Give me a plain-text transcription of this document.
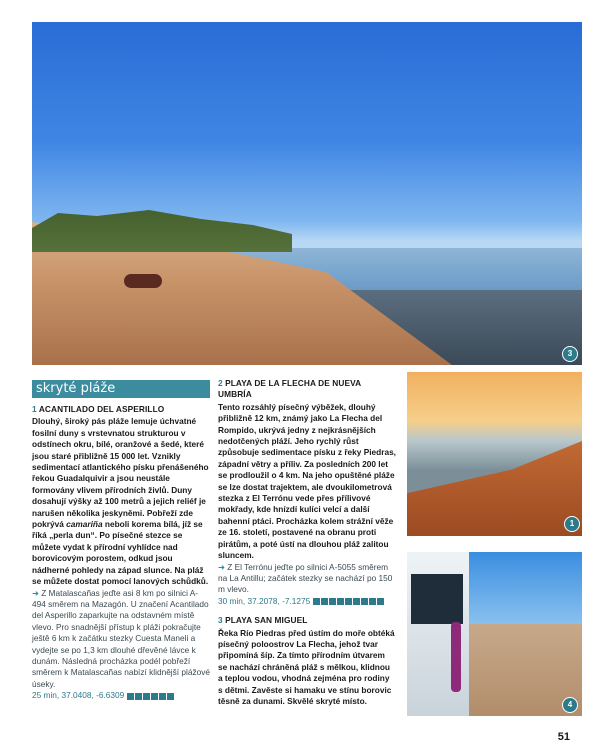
3
skryté pláže
1 ACANTILADO DEL ASPERILLO

Dlouhý, široký pás pláže lemuje úchvatné fosilní duny s vrstevnatou strukturou v odstínech okru, bílé, oranžové a šedé, které jsou staré přibližně 15 000 let. Vznikly sedimentací atlantického písku přenášeného řekou Guadalquivir a jsou neustále formovány vlivem přírodních živlů. Duny dosahují výšky až 100 metrů a jejich reliéf je narušen několika jeskyněmi. Pobřeží zde pokrývá camariña neboli korema bílá, jíž se říká „perla dun“. Po písečné stezce se můžete vydat k přírodní vyhlídce nad borovicovým porostem, odkud jsou nádherné pohledy na západ slunce. Na pláž se můžete dostat pomocí lanových schůdků.

➜ Z Matalascañas jeďte asi 8 km po silnici A-494 směrem na Mazagón. U značení Acantilado del Asperillo zaparkujte na odstavném místě vlevo. Pro snadnější přístup k pláži pokračujte ještě 6 km k začátku stezky Cuesta Maneli a vydejte se po 1,3 km dlouhé dřevěné lávce k dunám. Následná procházka podél pobřeží směrem k Matalascañas nabízí klidnější plážové úseky.

25 min, 37.0408, -6.6309

2 PLAYA DE LA FLECHA DE NUEVA UMBRÍA

Tento rozsáhlý písečný výběžek, dlouhý přibližně 12 km, známý jako La Flecha del Rompido, ukrývá jedny z nejkrásnějších nedotčených pláží. Jeho rychlý růst způsobuje sedimentace písku z řeky Piedras, západní větry a příliv. Za posledních 200 let se prodloužil o 4 km. Na jeho opuštěné pláže se lze dostat trajektem, ale dvoukilometrová stezka z El Terrónu vede přes přílivové mokřady, kde hnízdí kulíci velcí a další bahenní ptáci. Procházka kolem strážní věže ze 16. století, postavené na obranu proti pirátům, a poté ústí na dlouhou pláž zalitou sluncem.

➜ Z El Terrónu jeďte po silnici A-5055 směrem na La Antillu; začátek stezky se nachází po 150 m vlevo.

30 min, 37.2078, -7.1275

3 PLAYA SAN MIGUEL

Řeka Río Piedras před ústím do moře obtéká písečný poloostrov La Flecha, jehož tvar připomíná šíp. Za tímto přírodním útvarem se nachází chráněná pláž s mělkou, klidnou a teplou vodou, vhodná zejména pro rodiny s dětmi. Zavěste si hamaku ve stínu borovic těsně za dunami. Skvělé skryté místo.

1
4
51
